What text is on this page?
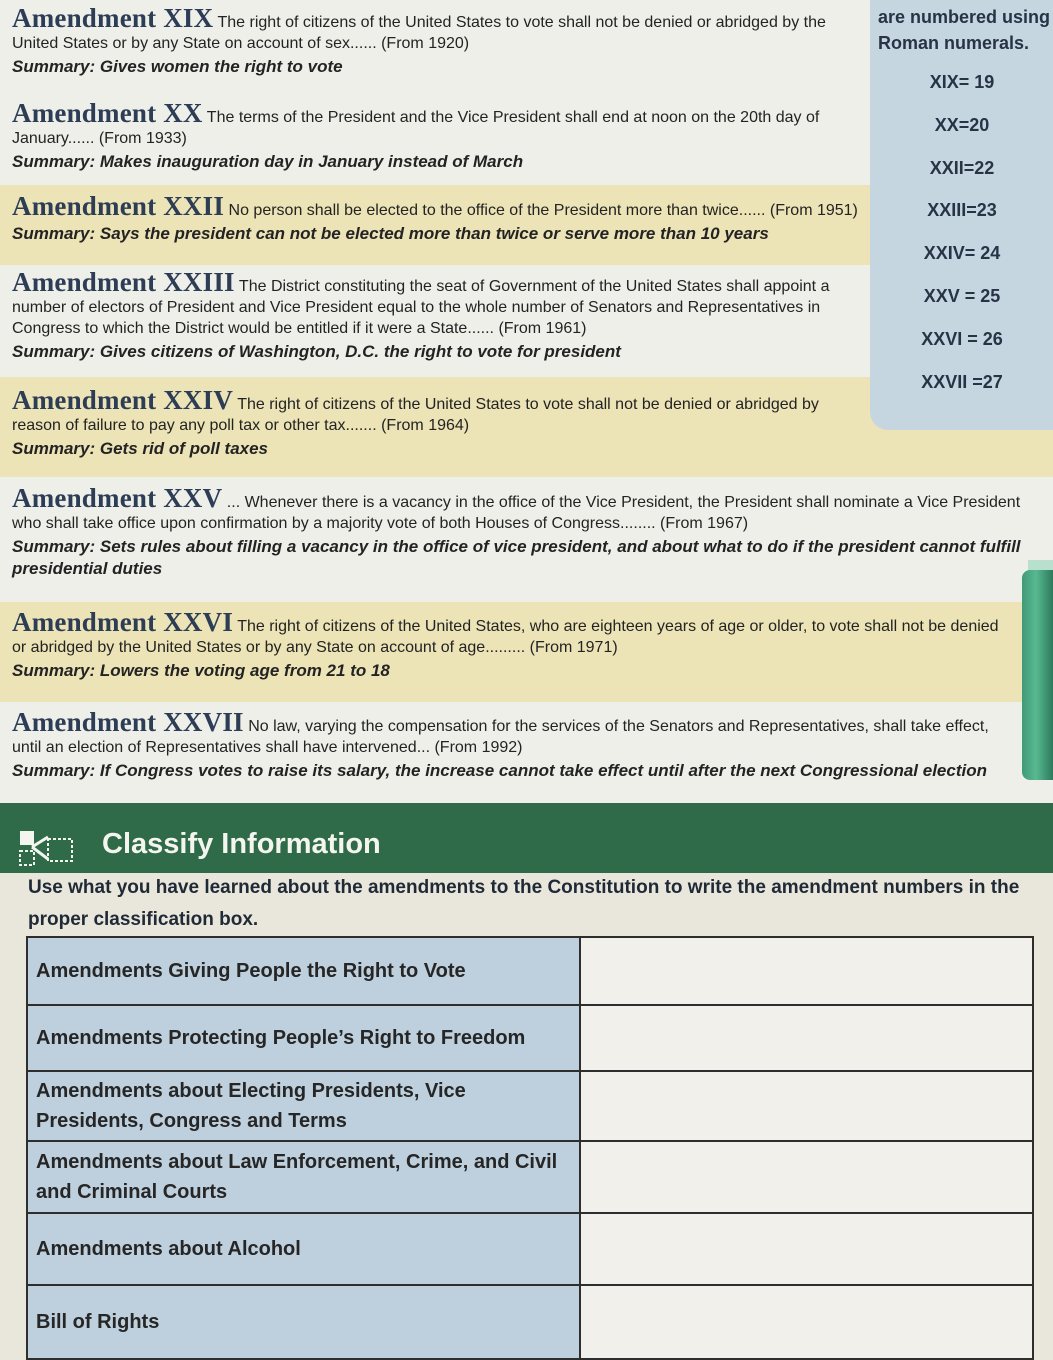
are numbered using Roman numerals.
XIX= 19
XX=20
XXII=22
XXIII=23
XXIV= 24
XXV = 25
XXVI = 26
XXVII =27
Amendment XIX The right of citizens of the United States to vote shall not be denied or abridged by the United States or by any State on account of sex...... (From 1920)
Summary: Gives women the right to vote
Amendment XX The terms of the President and the Vice President shall end at noon on the 20th day of January...... (From 1933)
Summary: Makes inauguration day in January instead of March
Amendment XXII No person shall be elected to the office of the President more than twice...... (From 1951)
Summary: Says the president can not be elected more than twice or serve more than 10 years
Amendment XXIII The District constituting the seat of Government of the United States shall appoint a number of electors of President and Vice President equal to the whole number of Senators and Representatives in Congress to which the District would be entitled if it were a State...... (From 1961)
Summary: Gives citizens of Washington, D.C. the right to vote for president
Amendment XXIV The right of citizens of the United States to vote shall not be denied or abridged by reason of failure to pay any poll tax or other tax....... (From 1964)
Summary: Gets rid of poll taxes
Amendment XXV ... Whenever there is a vacancy in the office of the Vice President, the President shall nominate a Vice President who shall take office upon confirmation by a majority vote of both Houses of Congress........ (From 1967)
Summary: Sets rules about filling a vacancy in the office of vice president, and about what to do if the president cannot fulfill presidential duties
Amendment XXVI The right of citizens of the United States, who are eighteen years of age or older, to vote shall not be denied or abridged by the United States or by any State on account of age......... (From 1971)
Summary: Lowers the voting age from 21 to 18
Amendment XXVII No law, varying the compensation for the services of the Senators and Representatives, shall take effect, until an election of Representatives shall have intervened... (From 1992)
Summary: If Congress votes to raise its salary, the increase cannot take effect until after the next Congressional election
Classify Information
Use what you have learned about the amendments to the Constitution to write the amendment numbers in the proper classification box.
Amendments Giving People the Right to Vote	
Amendments Protecting People’s Right to Freedom	
Amendments about Electing Presidents, Vice Presidents, Congress and Terms	
Amendments about Law Enforcement, Crime, and Civil and Criminal Courts	
Amendments about Alcohol	
Bill of Rights	
